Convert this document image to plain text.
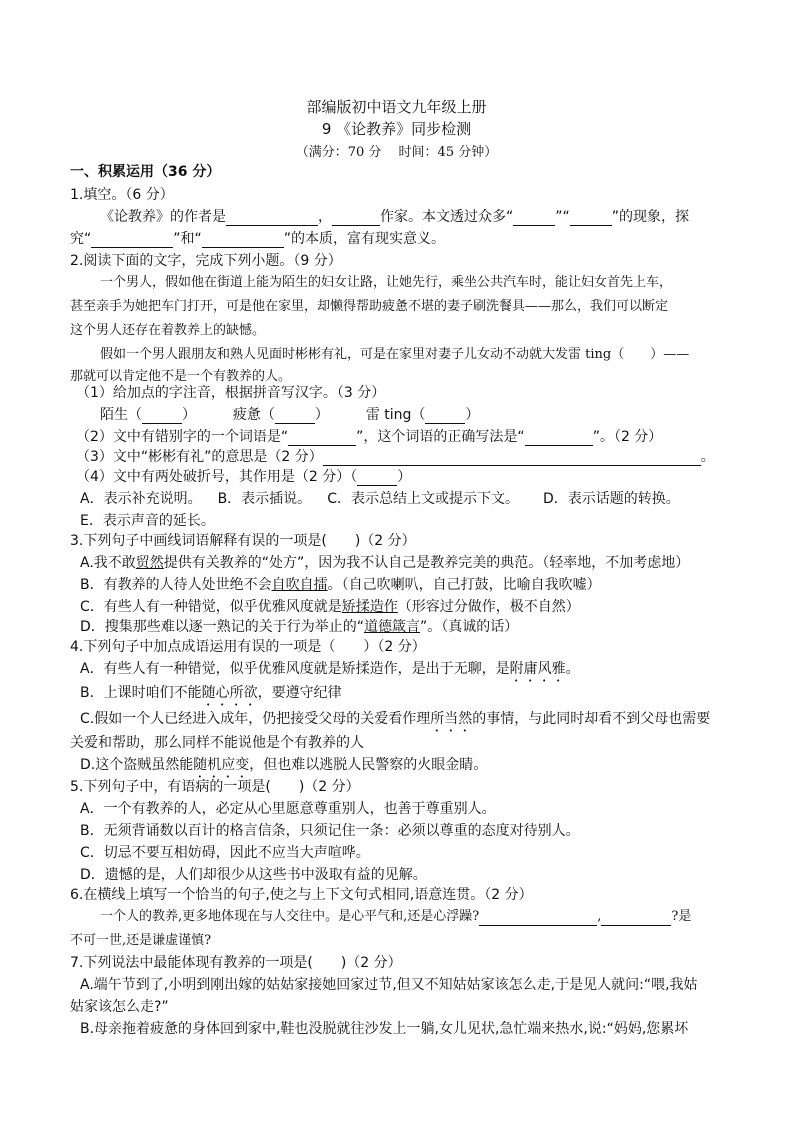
部编版初中语文九年级上册
9 《论教养》同步检测
（满分：70 分　 时间：45 分钟）
一、积累运用（36 分）
1.填空。（6 分）
《论教养》的作者是	，	作家。本文透过众多“	”“	”的现象，探
究“	”和“	”的本质，富有现实意义。
2.阅读下面的文字，完成下列小题。（9 分）
一个男人，假如他在街道上能为陌生的妇女让路，让她先行，乘坐公共汽车时，能让妇女首先上车，
甚至亲手为她把车门打开，可是他在家里，却懒得帮助疲惫不堪的妻子刷洗餐具——那么，我们可以断定
这个男人还存在着教养上的缺憾。
假如一个男人跟朋友和熟人见面时彬彬有礼，可是在家里对妻子儿女动不动就大发雷 ting（　　）——
那就可以肯定他不是一个有教养的人。
（1）给加点的字注音，根据拼音写汉字。（3 分）
陌生（	）	疲惫（	）	雷 ting（	）
（2）文中有错别字的一个词语是“	”，这个词语的正确写法是“	”。（2 分）
（3）文中“彬彬有礼”的意思是（2 分）	。
（4）文中有两处破折号，其作用是（2 分）（	）
A．表示补充说明。 B．表示插说。 C．表示总结上文或提示下文。 D．表示话题的转换。
E．表示声音的延长。
3.下列句子中画线词语解释有误的一项是(　　)（2 分）
A.我不敢贸然提供有关教养的“处方”，因为我不认自己是教养完美的典范。（轻率地，不加考虑地）
B．有教养的人待人处世绝不会自吹自擂。（自己吹喇叭，自己打鼓，比喻自我吹嘘）
C．有些人有一种错觉，似乎优雅风度就是矫揉造作（形容过分做作，极不自然）
D．搜集那些难以逐一熟记的关于行为举止的“道德箴言”。（真诚的话）
4.下列句子中加点成语运用有误的一项是（　　）（2 分）
A．有些人有一种错觉，似乎优雅风度就是矫揉造作，是出于无聊，是附庸风雅。
B．上课时咱们不能随心所欲，要遵守纪律
C.假如一个人已经进入成年，仍把接受父母的关爱看作理所当然的事情，与此同时却看不到父母也需要
关爱和帮助，那么同样不能说他是个有教养的人
D.这个盗贼虽然能随机应变，但也难以逃脱人民警察的火眼金睛。
5.下列句子中，有语病的一项是(　　)（2 分）
A．一个有教养的人，必定从心里愿意尊重别人，也善于尊重别人。
B．无须背诵数以百计的格言信条，只须记住一条：必须以尊重的态度对待别人。
C．切忌不要互相妨碍，因此不应当大声喧哗。
D．遗憾的是，人们却很少从这些书中汲取有益的见解。
6.在横线上填写一个恰当的句子,使之与上下文句式相同,语意连贯。（2 分）
一个人的教养,更多地体现在与人交往中。是心平气和,还是心浮躁?	,	?是
不可一世,还是谦虚谨慎?
7.下列说法中最能体现有教养的一项是(　　)（2 分）
A.端午节到了,小明到刚出嫁的姑姑家接她回家过节,但又不知姑姑家该怎么走,于是见人就问:“喂,我姑
姑家该怎么走?”
B.母亲拖着疲惫的身体回到家中,鞋也没脱就往沙发上一躺,女儿见状,急忙端来热水,说:“妈妈,您累坏
